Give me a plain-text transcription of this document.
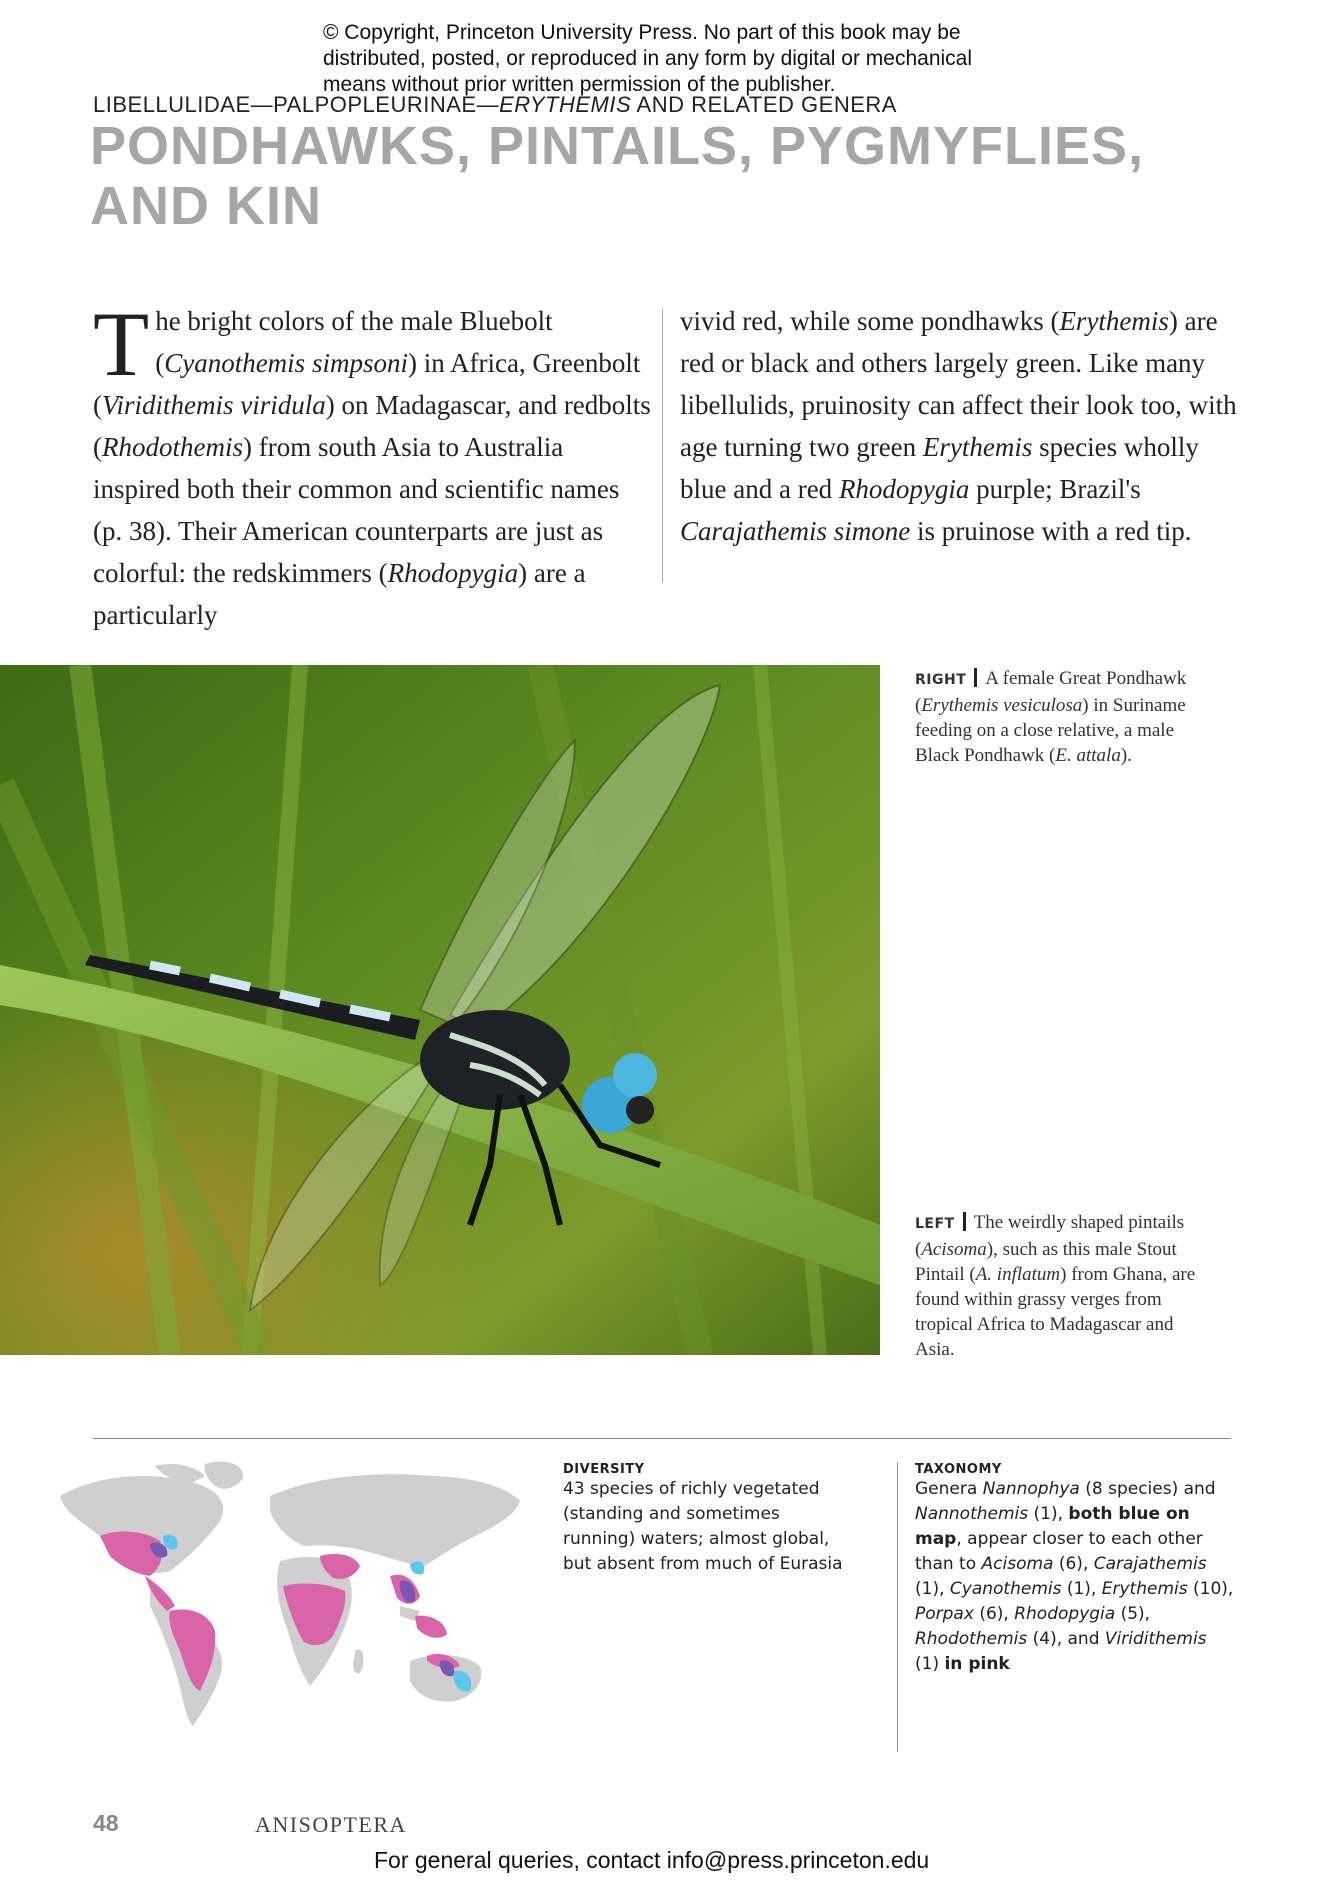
© Copyright, Princeton University Press. No part of this book may be
distributed, posted, or reproduced in any form by digital or mechanical
means without prior written permission of the publisher.
LIBELLULIDAE—PALPOPLEURINAE—ERYTHEMIS AND RELATED GENERA
PONDHAWKS, PINTAILS, PYGMYFLIES,
AND KIN
The bright colors of the male Bluebolt (Cyanothemis simpsoni) in Africa, Greenbolt (Viridithemis viridula) on Madagascar, and redbolts (Rhodothemis) from south Asia to Australia inspired both their common and scientific names (p. 38). Their American counterparts are just as colorful: the redskimmers (Rhodopygia) are a particularly
vivid red, while some pondhawks (Erythemis) are red or black and others largely green. Like many libellulids, pruinosity can affect their look too, with age turning two green Erythemis species wholly blue and a red Rhodopygia purple; Brazil's Carajathemis simone is pruinose with a red tip.
RIGHT A female Great Pondhawk (Erythemis vesiculosa) in Suriname feeding on a close relative, a male Black Pondhawk (E. attala).
LEFT The weirdly shaped pintails (Acisoma), such as this male Stout Pintail (A. inflatum) from Ghana, are found within grassy verges from tropical Africa to Madagascar and Asia.
DIVERSITY
43 species of richly vegetated (standing and sometimes running) waters; almost global, but absent from much of Eurasia
TAXONOMY
Genera Nannophya (8 species) and Nannothemis (1), both blue on map, appear closer to each other than to Acisoma (6), Carajathemis (1), Cyanothemis (1), Erythemis (10), Porpax (6), Rhodopygia (5), Rhodothemis (4), and Viridithemis (1) in pink
48	ANISOPTERA
For general queries, contact info@press.princeton.edu
